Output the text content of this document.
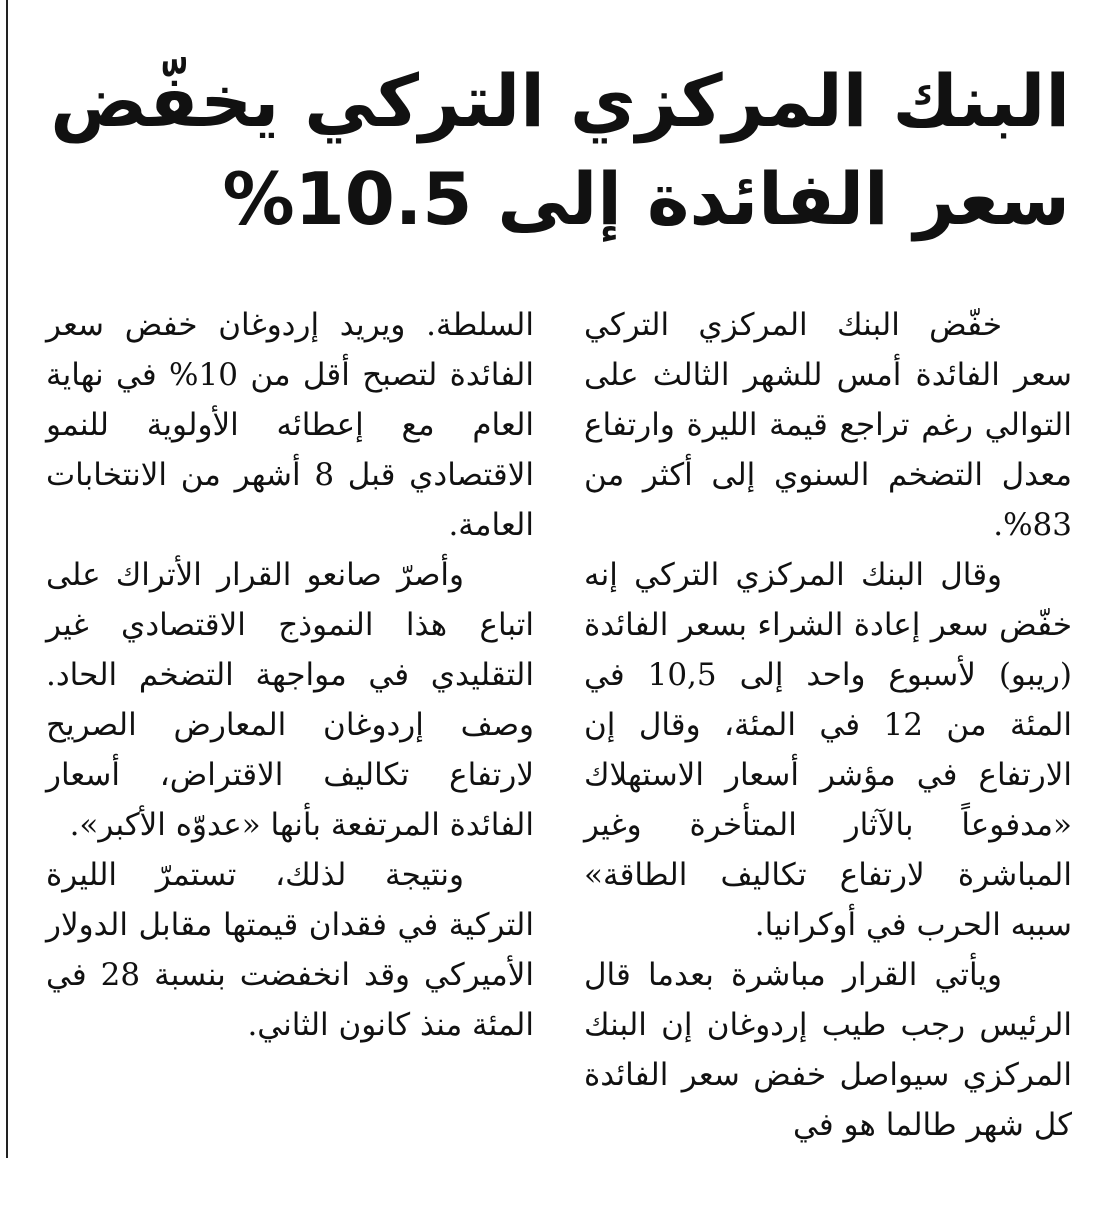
البنك المركزي التركي يخفّض
سعر الفائدة إلى 10.5%

خفّض البنك المركزي التركي سعر الفائدة أمس للشهر الثالث على التوالي رغم تراجع قيمة الليرة وارتفاع معدل التضخم السنوي إلى أكثر من 83%.

وقال البنك المركزي التركي إنه خفّض سعر إعادة الشراء بسعر الفائدة (ريبو) لأسبوع واحد إلى 10,5 في المئة من 12 في المئة، وقال إن الارتفاع في مؤشر أسعار الاستهلاك «مدفوعاً بالآثار المتأخرة وغير المباشرة لارتفاع تكاليف الطاقة» سببه الحرب في أوكرانيا.

ويأتي القرار مباشرة بعدما قال الرئيس رجب طيب إردوغان إن البنك المركزي سيواصل خفض سعر الفائدة كل شهر طالما هو في

السلطة. ويريد إردوغان خفض سعر الفائدة لتصبح أقل من 10% في نهاية العام مع إعطائه الأولوية للنمو الاقتصادي قبل 8 أشهر من الانتخابات العامة.

وأصرّ صانعو القرار الأتراك على اتباع هذا النموذج الاقتصادي غير التقليدي في مواجهة التضخم الحاد. وصف إردوغان المعارض الصريح لارتفاع تكاليف الاقتراض، أسعار الفائدة المرتفعة بأنها «عدوّه الأكبر».

ونتيجة لذلك، تستمرّ الليرة التركية في فقدان قيمتها مقابل الدولار الأميركي وقد انخفضت بنسبة 28 في المئة منذ كانون الثاني.
